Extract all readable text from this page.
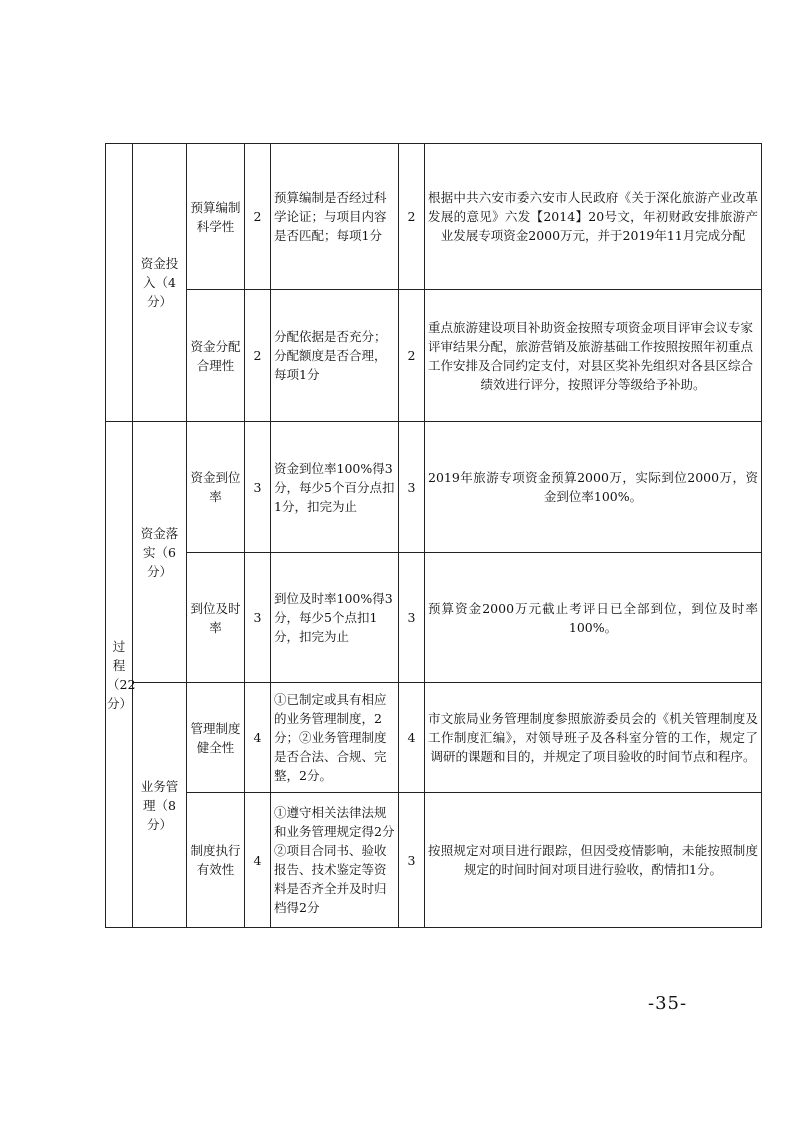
	资金投入（4分）	预算编制科学性	2	预算编制是否经过科学论证；与项目内容是否匹配；每项1分	2	根据中共六安市委六安市人民政府《关于深化旅游产业改革发展的意见》六发【2014】20号文，年初财政安排旅游产业发展专项资金2000万元，并于2019年11月完成分配
		资金分配合理性	2	分配依据是否充分；分配额度是否合理，每项1分	2	重点旅游建设项目补助资金按照专项资金项目评审会议专家评审结果分配，旅游营销及旅游基础工作按照按照年初重点工作安排及合同约定支付，对县区奖补先组织对各县区综合绩效进行评分，按照评分等级给予补助。
过程（22分）	资金落实（6分）	资金到位率	3	资金到位率100%得3分，每少5个百分点扣1分，扣完为止	3	2019年旅游专项资金预算2000万，实际到位2000万，资金到位率100%。
		到位及时率	3	到位及时率100%得3分，每少5个点扣1分，扣完为止	3	预算资金2000万元截止考评日已全部到位，到位及时率100%。
	业务管理（8分）	管理制度健全性	4	①已制定或具有相应的业务管理制度，2分；②业务管理制度是否合法、合规、完整，2分。	4	市文旅局业务管理制度参照旅游委员会的《机关管理制度及工作制度汇编》，对领导班子及各科室分管的工作，规定了调研的课题和目的，并规定了项目验收的时间节点和程序。
		制度执行有效性	4	①遵守相关法律法规和业务管理规定得2分②项目合同书、验收报告、技术鉴定等资料是否齐全并及时归档得2分	3	按照规定对项目进行跟踪，但因受疫情影响，未能按照制度规定的时间时间对项目进行验收，酌情扣1分。
-35-
